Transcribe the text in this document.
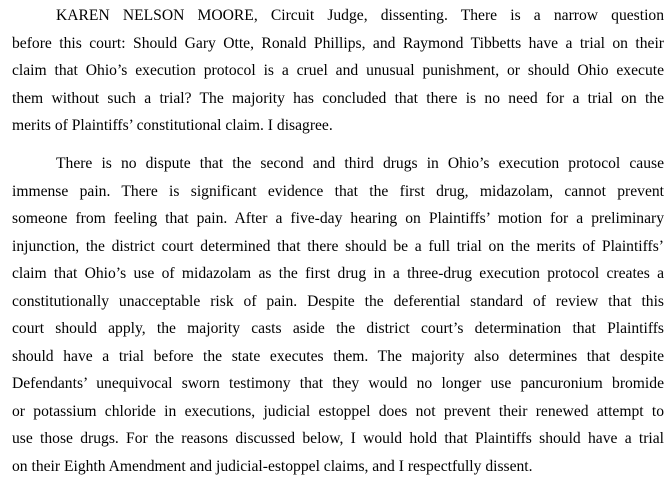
KAREN NELSON MOORE, Circuit Judge, dissenting. There is a narrow question
before this court: Should Gary Otte, Ronald Phillips, and Raymond Tibbetts have a trial on their
claim that Ohio’s execution protocol is a cruel and unusual punishment, or should Ohio execute
them without such a trial? The majority has concluded that there is no need for a trial on the
merits of Plaintiffs’ constitutional claim. I disagree.
There is no dispute that the second and third drugs in Ohio’s execution protocol cause
immense pain. There is significant evidence that the first drug, midazolam, cannot prevent
someone from feeling that pain. After a five-day hearing on Plaintiffs’ motion for a preliminary
injunction, the district court determined that there should be a full trial on the merits of Plaintiffs’
claim that Ohio’s use of midazolam as the first drug in a three-drug execution protocol creates a
constitutionally unacceptable risk of pain. Despite the deferential standard of review that this
court should apply, the majority casts aside the district court’s determination that Plaintiffs
should have a trial before the state executes them. The majority also determines that despite
Defendants’ unequivocal sworn testimony that they would no longer use pancuronium bromide
or potassium chloride in executions, judicial estoppel does not prevent their renewed attempt to
use those drugs. For the reasons discussed below, I would hold that Plaintiffs should have a trial
on their Eighth Amendment and judicial-estoppel claims, and I respectfully dissent.
